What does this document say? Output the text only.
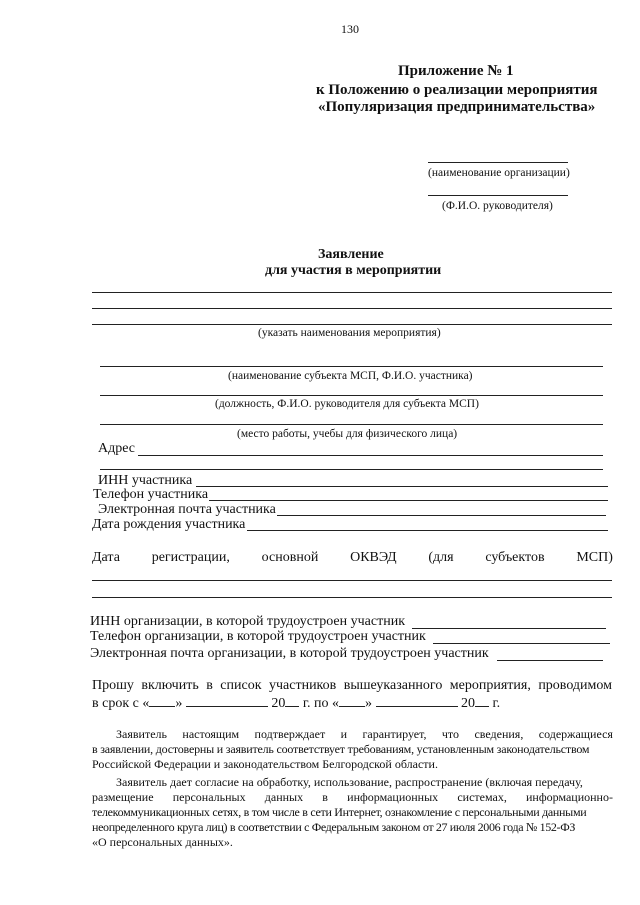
130
Приложение № 1
к Положению о реализации мероприятия
«Популяризация предпринимательства»
(наименование организации)
(Ф.И.О. руководителя)
Заявление
для участия в мероприятии
(указать наименования мероприятия)
(наименование субъекта МСП, Ф.И.О. участника)
(должность, Ф.И.О. руководителя для субъекта МСП)
(место работы, учебы для физического лица)
Адрес
ИНН участника
Телефон участника
Электронная почта участника
Дата рождения участника
Дата регистрации, основной ОКВЭД (для субъектов МСП)
ИНН организации, в которой трудоустроен участник
Телефон организации, в которой трудоустроен участник
Электронная почта организации, в которой трудоустроен участник
Прошу включить в список участников вышеуказанного мероприятия, проводимом
в срок с « »	20 г. по « »	20 г.
Заявитель настоящим подтверждает и гарантирует, что сведения, содержащиеся
в заявлении, достоверны и заявитель соответствует требованиям, установленным законодательством
Российской Федерации и законодательством Белгородской области.
Заявитель дает согласие на обработку, использование, распространение (включая передачу,
размещение персональных данных в информационных системах, информационно-
телекоммуникационных сетях, в том числе в сети Интернет, ознакомление с персональными данными
неопределенного круга лиц) в соответствии с Федеральным законом от 27 июля 2006 года № 152-ФЗ
«О персональных данных».
